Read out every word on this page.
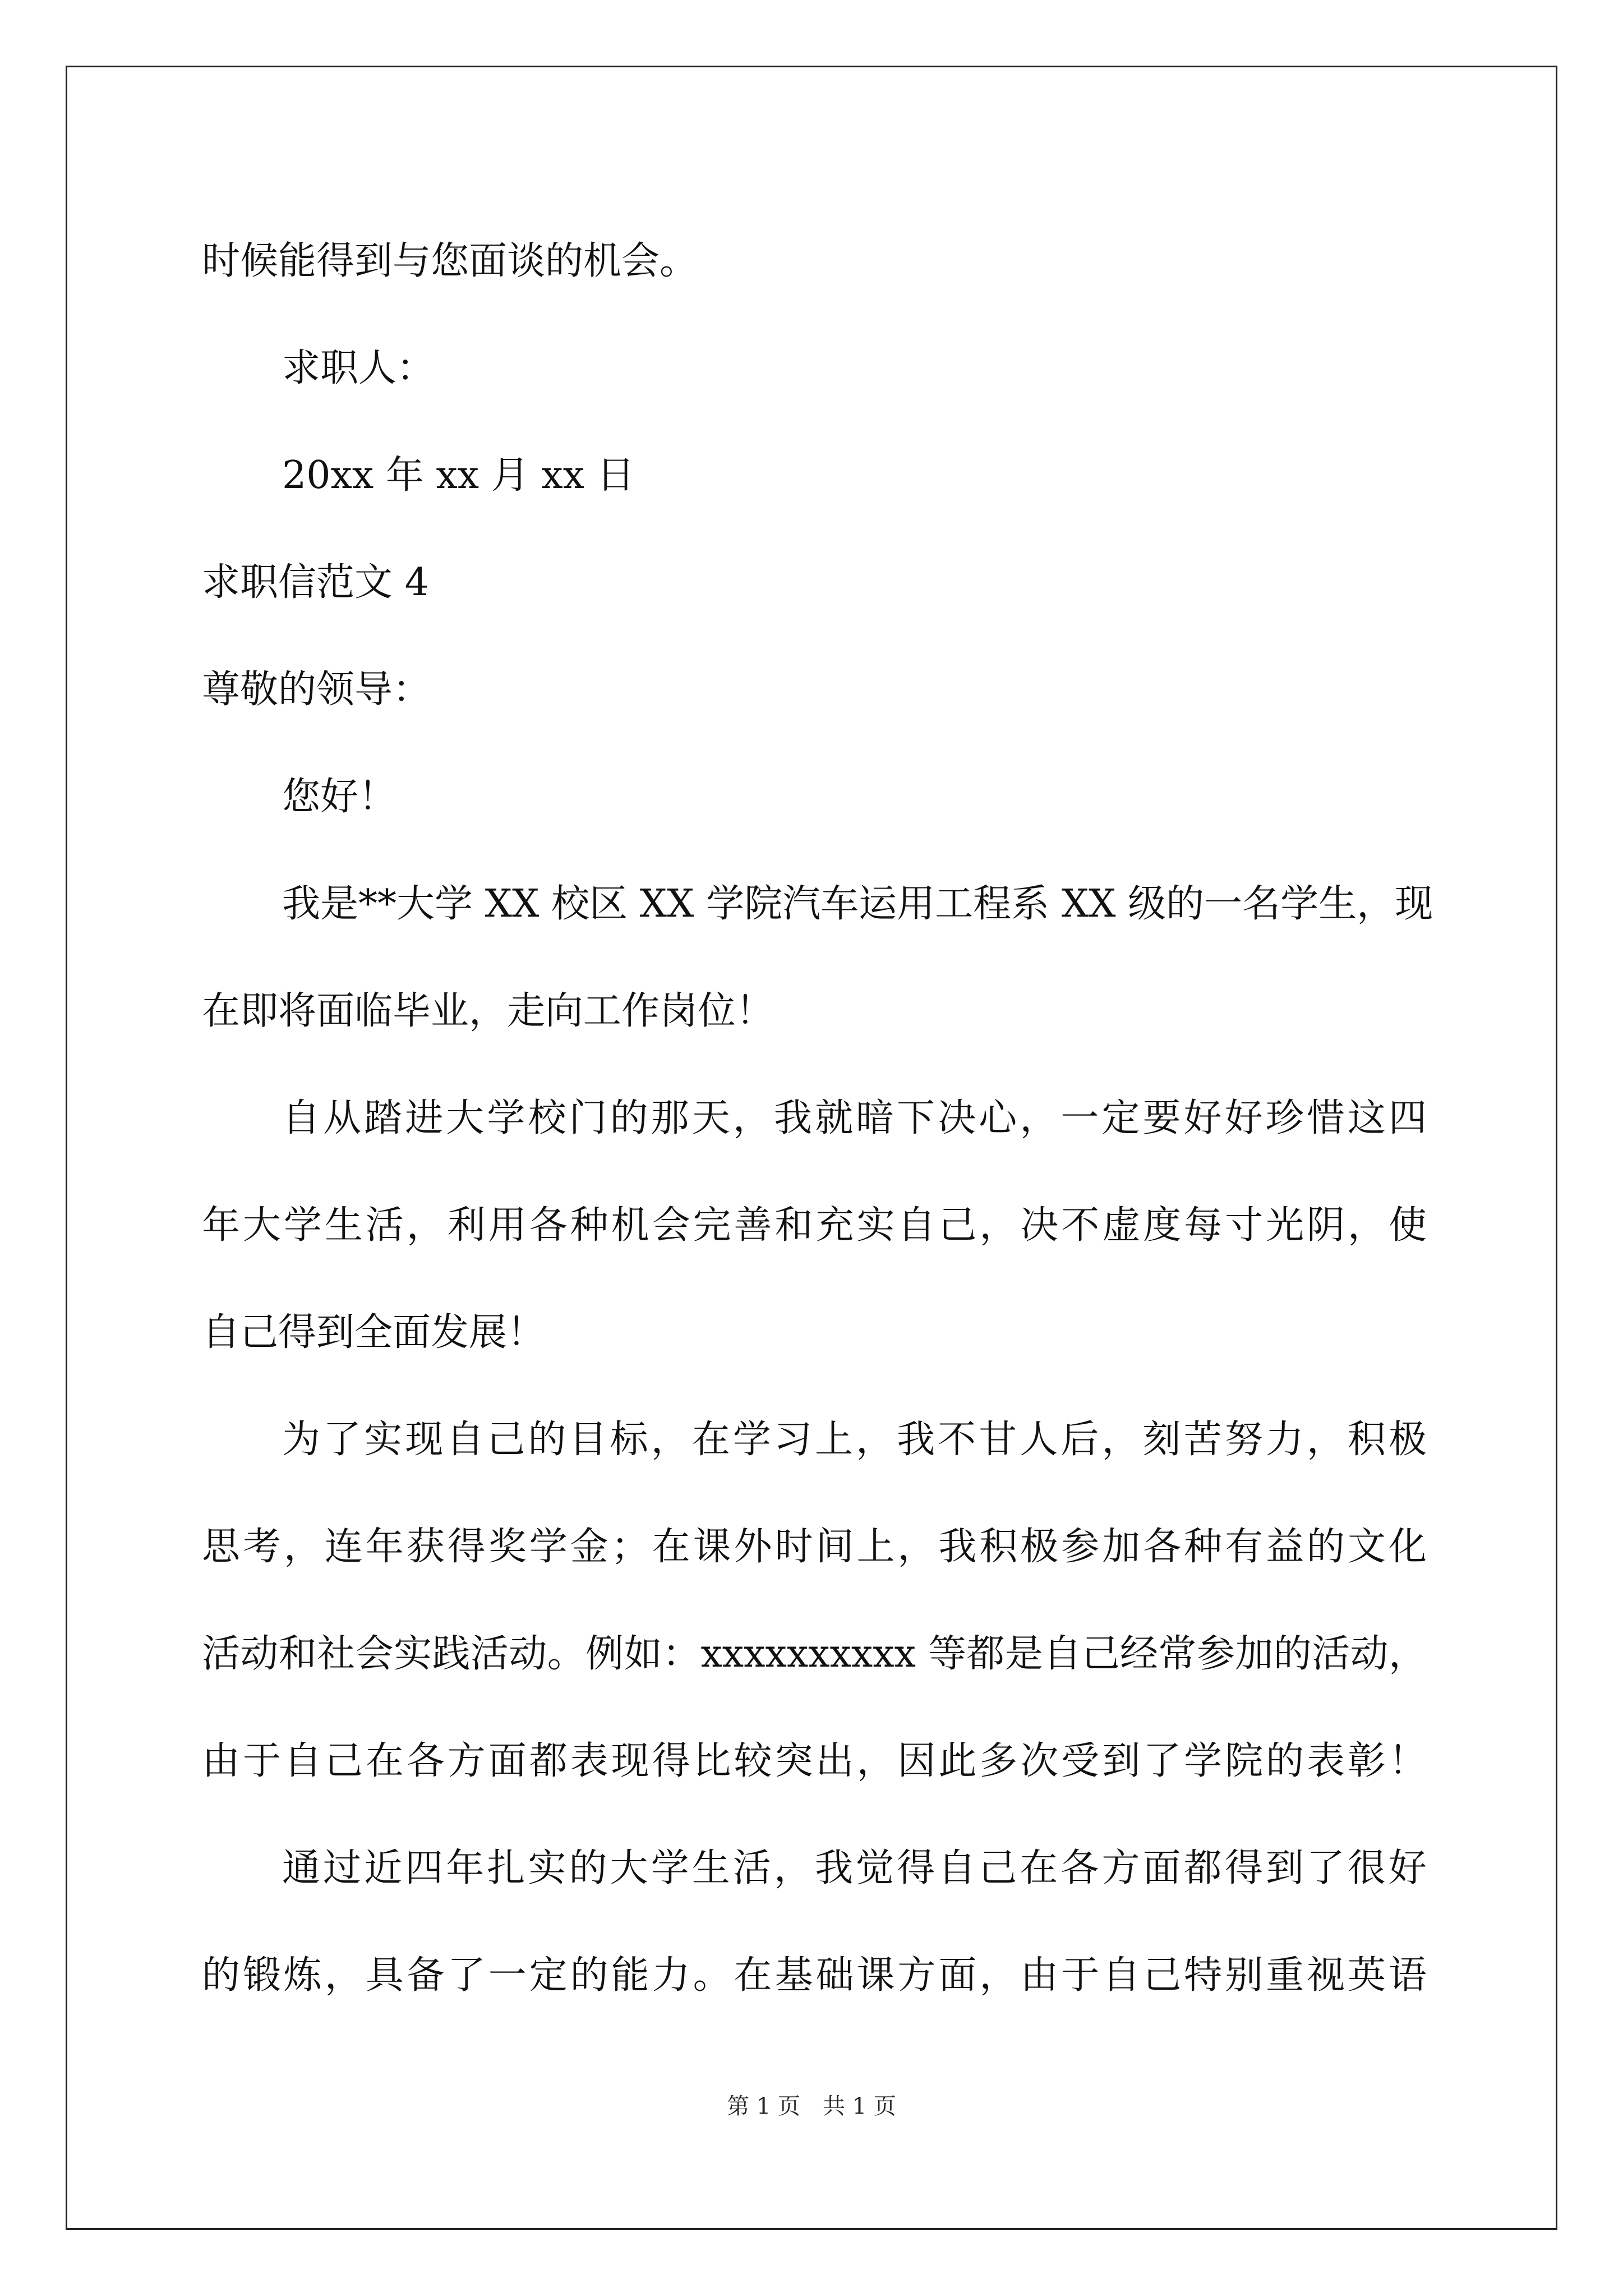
时候能得到与您面谈的机会。
求职人：
20xx 年 xx 月 xx 日
求职信范文 4
尊敬的领导：
您好！
我是**大学 XX 校区 XX 学院汽车运用工程系 XX 级的一名学生，现
在即将面临毕业，走向工作岗位！
自从踏进大学校门的那天，我就暗下决心，一定要好好珍惜这四
年大学生活，利用各种机会完善和充实自己，决不虚度每寸光阴，使
自己得到全面发展！
为了实现自己的目标，在学习上，我不甘人后，刻苦努力，积极
思考，连年获得奖学金；在课外时间上，我积极参加各种有益的文化
活动和社会实践活动。例如：xxxxxxxxxx 等都是自己经常参加的活动，
由于自己在各方面都表现得比较突出，因此多次受到了学院的表彰！
通过近四年扎实的大学生活，我觉得自己在各方面都得到了很好
的锻炼，具备了一定的能力。在基础课方面，由于自己特别重视英语
第 1 页　共 1 页
